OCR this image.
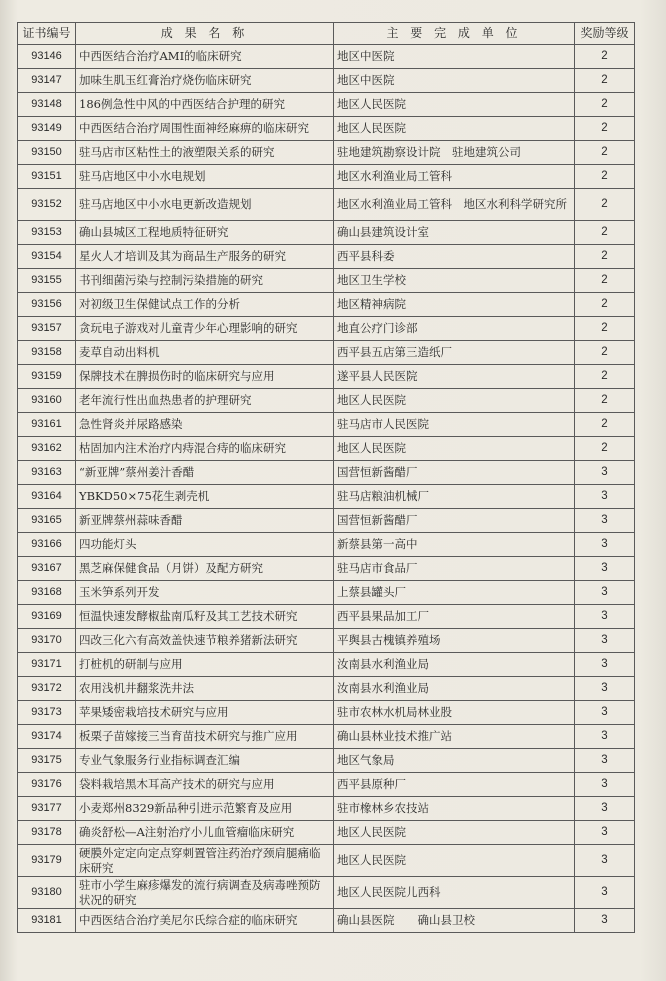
证书编号	成 果 名 称	主 要 完 成 单 位	奖励等级
93146	中西医结合治疗AMI的临床研究	地区中医院	2
93147	加味生肌玉红膏治疗烧伤临床研究	地区中医院	2
93148	186例急性中风的中西医结合护理的研究	地区人民医院	2
93149	中西医结合治疗周围性面神经麻痹的临床研究	地区人民医院	2
93150	驻马店市区粘性土的液塑限关系的研究	驻地建筑勘察设计院　驻地建筑公司	2
93151	驻马店地区中小水电规划	地区水利渔业局工管科	2
93152	驻马店地区中小水电更新改造规划	地区水利渔业局工管科　地区水利科学研究所	2
93153	确山县城区工程地质特征研究	确山县建筑设计室	2
93154	星火人才培训及其为商品生产服务的研究	西平县科委	2
93155	书刊细菌污染与控制污染措施的研究	地区卫生学校	2
93156	对初级卫生保健试点工作的分析	地区精神病院	2
93157	贪玩电子游戏对儿童青少年心理影响的研究	地直公疗门诊部	2
93158	麦草自动出料机	西平县五店第三造纸厂	2
93159	保牌技术在脾损伤时的临床研究与应用	遂平县人民医院	2
93160	老年流行性出血热患者的护理研究	地区人民医院	2
93161	急性肾炎并尿路感染	驻马店市人民医院	2
93162	枯固加内注术治疗内痔混合痔的临床研究	地区人民医院	2
93163	“新亚牌”蔡州姜汁香醋	国营恒新酱醋厂	3
93164	YBKD50×75花生剥壳机	驻马店粮油机械厂	3
93165	新亚牌蔡州蒜味香醋	国营恒新酱醋厂	3
93166	四功能灯头	新蔡县第一高中	3
93167	黑芝麻保健食品（月饼）及配方研究	驻马店市食品厂	3
93168	玉米笋系列开发	上蔡县罐头厂	3
93169	恒温快速发酵椒盐南瓜籽及其工艺技术研究	西平县果品加工厂	3
93170	四改三化六有高效盖快速节粮养猪新法研究	平舆县古槐镇养殖场	3
93171	打桩机的研制与应用	汝南县水利渔业局	3
93172	农用浅机井翻浆洗井法	汝南县水利渔业局	3
93173	苹果矮密栽培技术研究与应用	驻市农林水机局林业股	3
93174	板栗子苗嫁接三当育苗技术研究与推广应用	确山县林业技术推广站	3
93175	专业气象服务行业指标调查汇编	地区气象局	3
93176	袋料栽培黑木耳高产技术的研究与应用	西平县原种厂	3
93177	小麦郑州8329新品种引进示范繁育及应用	驻市橡林乡农技站	3
93178	确炎舒松—A注射治疗小儿血管瘤临床研究	地区人民医院	3
93179	硬膜外定定向定点穿刺置管注药治疗颈肩腿痛临床研究	地区人民医院	3
93180	驻市小学生麻疹爆发的流行病调查及病毒唑预防状况的研究	地区人民医院儿西科	3
93181	中西医结合治疗美尼尔氏综合症的临床研究	确山县医院　　确山县卫校	3
